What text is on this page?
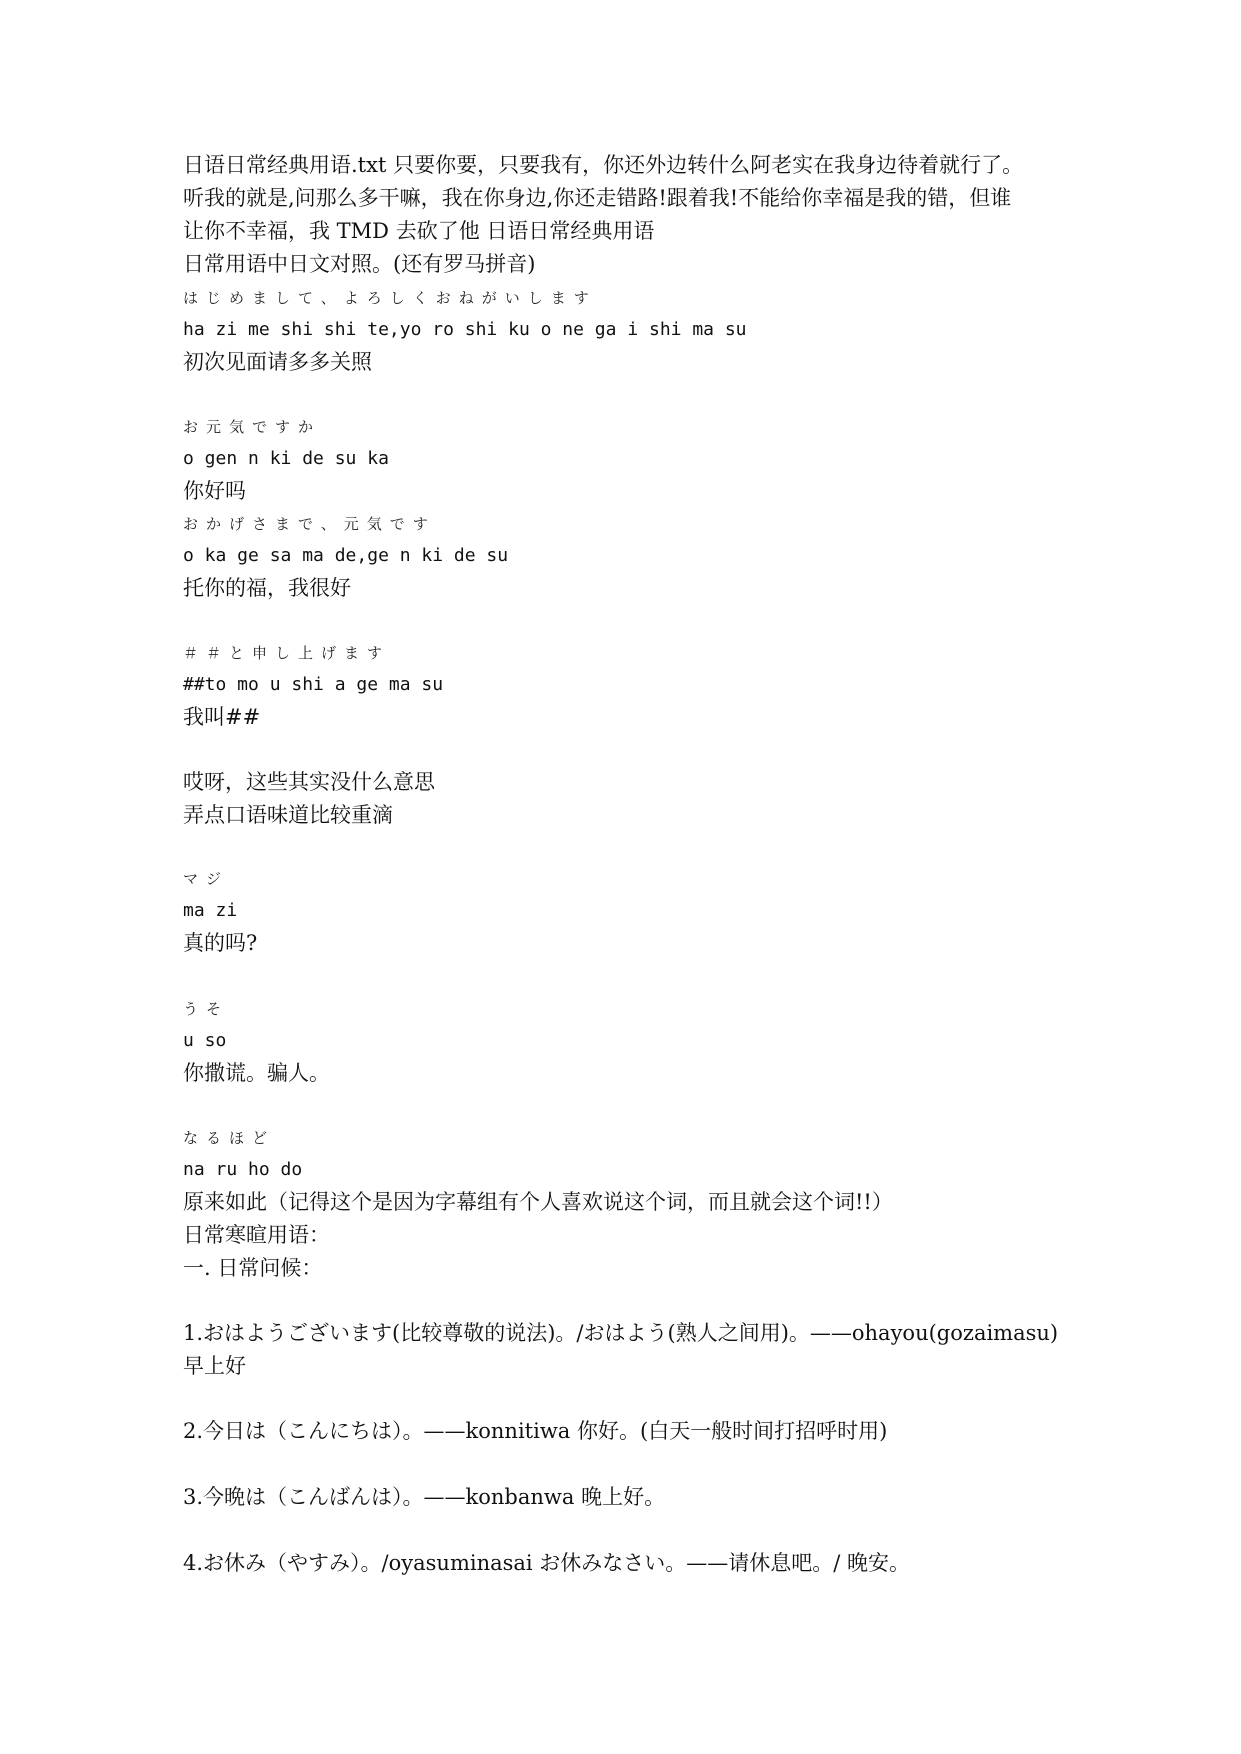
日语日常经典用语.txt 只要你要，只要我有，你还外边转什么阿老实在我身边待着就行了。
听我的就是,问那么多干嘛，我在你身边,你还走错路!跟着我!不能给你幸福是我的错，但谁
让你不幸福，我 TMD 去砍了他 日语日常经典用语
日常用语中日文对照。(还有罗马拼音)
はじめまして、よろしくおねがいします
ha zi me shi shi te,yo ro shi ku o ne ga i shi ma su
初次见面请多多关照
お元気ですか
o gen n ki de su ka
你好吗
おかげさまで、元気です
o ka ge sa ma de,ge n ki de su
托你的福，我很好
＃＃と申し上げます
##to mo u shi a ge ma su
我叫##
哎呀，这些其实没什么意思
弄点口语味道比较重滴
マジ
ma zi
真的吗?
うそ
u so
你撒谎。骗人。
なるほど
na ru ho do
原来如此（记得这个是因为字幕组有个人喜欢说这个词，而且就会这个词!!）
日常寒暄用语：
一. 日常问候：
1.おはようございます(比较尊敬的说法)。/おはよう(熟人之间用)。——ohayou(gozaimasu)
早上好
2.今日は（こんにちは）。——konnitiwa 你好。(白天一般时间打招呼时用)
3.今晩は（こんばんは）。——konbanwa 晚上好。
4.お休み（やすみ）。/oyasuminasai お休みなさい。——请休息吧。/ 晚安。
